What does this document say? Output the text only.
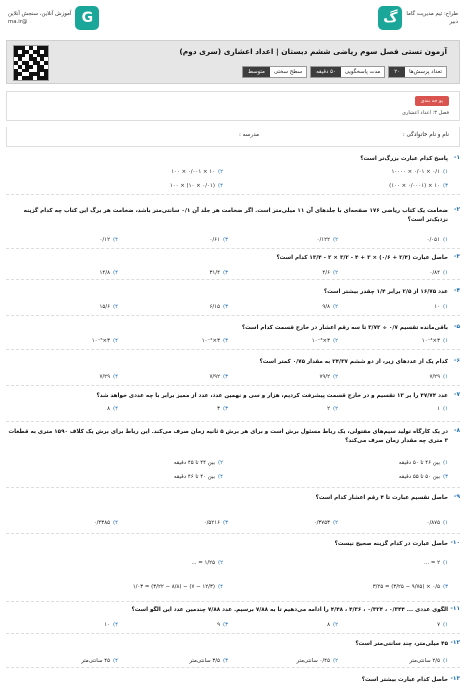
طراح: تیم مدیریت گاما
دبیر
گ
آموزش آنلاین، سنجش آنلاین
@ma.ir	G
آزمون تستی فصل سوم ریاضی ششم دبستان | اعداد اعشاری (سری دوم)
تعداد پرسش‌ها
۲۰
مدت پاسخگویی
۵۰ دقیقه
سطح سختی
متوسط
پو جه بندی
فصل ۳: اعداد اعشاری
نام و نام خانوادگی :
مدرسه :
۱-
پاسخ کدام عبارت بزرگ‌تر است؟
۱)
۰/۱ × ۰/۰۱ × ۱۰۰۰۰
۲)
۱۰ × ۰/۰۰۱ × ۱۰۰
۳)
۱۰ × (۰/۰۰۰۱ × ۱۰۰)
۴)
(۰/۰۱ × ۱۰) × ۱۰۰
۲-
ضخامت یک کتاب ریاضی ۱۷۶ صفحه‌ای با جلدهای آن ۱۱ میلی‌متر است. اگر ضخامت هر جلد آن ۰/۱ سانتی‌متر باشد، ضخامت هر برگ این کتاب چه کدام گزینه نزدیک‌تر است؟
۱)
۰/۰۵۱
۲)
۰/۱۲۲
۳)
۰/۶۱
۴)
۰/۱۲
۳-
حاصل عبارت (۲/۴ + ۰/۶) × ۳ + ۴ - ۳/۲ × ۲ - ۱۳/۴ کدام است؟
۱)
۰/۸۴
۲)
۴/۶
۳)
۳۱/۴
۴)
۱۴/۸
۴-
عدد ۱۶/۷۵ از ۲/۵ برابر ۱/۴ چقدر بیشتر است؟
۱)
۱۰
۲)
۹/۸
۳)
۶/۱۵
۴)
۱۵/۶
۵-
باقی‌مانده تقسیم ۰/۷ ÷ ۳/۷۲ تا سه رقم اعشار در خارج قسمت کدام است؟
۱)
۳×۱۰⁻⁴
۲)
۳×۱۰⁻³
۳)
۳×۱۰⁻²
۴)
۳×۱۰⁻⁵
۶-
کدام یک از عددهای زیر، از دو ششم ۲۴/۳۷ به مقدار ۰/۷۵ کمتر است؟
۱)
۷/۲۹
۲)
۷۹/۲
۳)
۷/۹۲
۴)
۷/۲۹
۷-
عدد ۴۷/۷۴ را بر ۱۳ تقسیم و در خارج قسمت پیشرفت کردیم، هزار و سی و نهمین عدد، عدد از ممیز برابر با چه عددی خواهد شد؟
۱)
۱
۲)
۲
۳)
۳
۴)
۸
۸-
در یک کارگاه تولید سیم‌های مفتولی، یک رباط مسئول برش است و برای هر برش ۵ ثانیه زمان صرف می‌کند. این رباط برای برش یک کلاف ۱۵۹۰ متری به قطعات ۳ متری چه مقدار زمان صرف می‌کند؟
۱)
بین ۴۶ تا ۵۰ دقیقه
۲)
بین ۴۴ تا ۴۵ دقیقه
۳)
بین ۵۰ تا ۵۵ دقیقه
۴)
بین ۴۰ تا ۴۶ دقیقه
۹-
حاصل تقسیم عبارت تا ۴ رقم اعشار کدام است؟
۱)
۰/۸۷۵
۲)
۰/۳۷۵۳
۳)
۰/۵۲۱۶
۴)
۰/۴۳۸۵
۱۰-
حاصل عبارت در کدام گزینه صحیح نیست؟
۱)
۲ = ...
۲)
۱/۲۵ = ...
۳)
۰/۵ × (۹/۷۵ − ۳/۲۵) = ۳/۲۵
۴)
(۱۲/۳ − ۷) − (۸/۸ − ۳/۲۲) = ۱/۰۳
۱۱-
الگوی عددی ... ۰/۳۴۴ ، ۰/۳۲۴ ، ۴/۳۶ ، ۴/۴۸ را ادامه می‌دهیم تا به ۷/۸۸ برسیم. عدد ۷/۸۸ چندمین عدد این الگو است؟
۱)
۷
۲)
۸
۳)
۹
۴)
۱۰
۱۲-
۴۵ میلی‌متر، چند سانتی‌متر است؟
۱)
۲/۵ سانتی‌متر
۲)
۰/۴۵ سانتی‌متر
۳)
۳/۵ سانتی‌متر
۴)
۴۵ سانتی‌متر
۱۳-
حاصل کدام عبارت بیشتر است؟
